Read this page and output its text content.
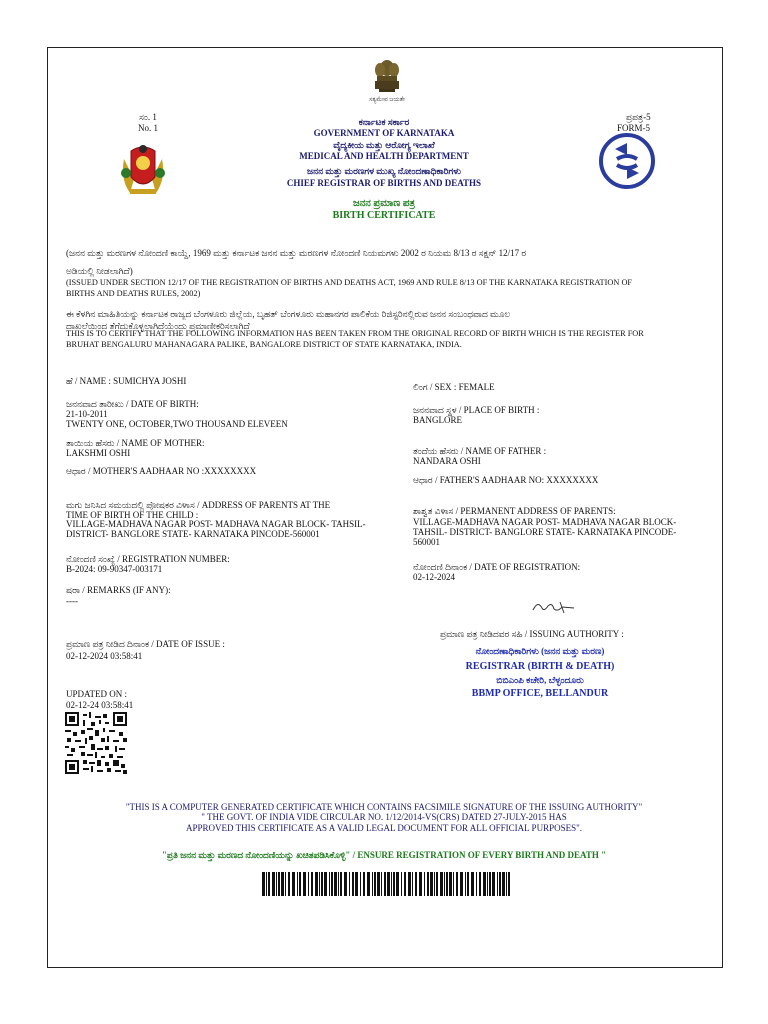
ಸತ್ಯಮೇವ ಜಯತೇ
ಸಂ. 1
No. 1
ಪ್ರಪತ್ರ-5
FORM-5
ಕರ್ನಾಟಕ ಸರ್ಕಾರ
GOVERNMENT OF KARNATAKA
ವೈದ್ಯಕೀಯ ಮತ್ತು ಆರೋಗ್ಯ ಇಲಾಖೆ
MEDICAL AND HEALTH DEPARTMENT
ಜನನ ಮತ್ತು ಮರಣಗಳ ಮುಖ್ಯ ನೋಂದಣಾಧಿಕಾರಿಗಳು
CHIEF REGISTRAR OF BIRTHS AND DEATHS
ಜನನ ಪ್ರಮಾಣ ಪತ್ರ
BIRTH CERTIFICATE
(ಜನನ ಮತ್ತು ಮರಣಗಳ ನೋಂದಣಿ ಕಾಯ್ದೆ, 1969 ಮತ್ತು ಕರ್ನಾಟಕ ಜನನ ಮತ್ತು ಮರಣಗಳ ನೋಂದಣಿ ನಿಯಮಗಳು 2002 ರ ನಿಯಮ 8/13 ರ ಸಕ್ಷನ್ 12/17 ರ
ಅಡಿಯಲ್ಲಿ ನೀಡಲಾಗಿದೆ)
(ISSUED UNDER SECTION 12/17 OF THE REGISTRATION OF BIRTHS AND DEATHS ACT, 1969 AND RULE 8/13 OF THE KARNATAKA REGISTRATION OF
BIRTHS AND DEATHS RULES, 2002)
ಈ ಕೆಳಗಿನ ಮಾಹಿತಿಯನ್ನು ಕರ್ನಾಟಕ ರಾಜ್ಯದ ಬೆಂಗಳೂರು ಜಿಲ್ಲೆಯ, ಬೃಹತ್ ಬೆಂಗಳೂರು ಮಹಾನಗರ ಪಾಲಿಕೆಯ ರಿಜಿಸ್ಟರಿನಲ್ಲಿರುವ ಜನನ ಸಂಬಂಧವಾದ ಮೂಲ
ದಾಖಲೆಯಿಂದ ತೆಗೆದುಕೊಳ್ಳಲಾಗಿದೆಯೆಂದು ಪ್ರಮಾಣೀಕರಿಸಲಾಗಿದೆ
THIS IS TO CERTIFY THAT THE FOLLOWING INFORMATION HAS BEEN TAKEN FROM THE ORIGINAL RECORD OF BIRTH WHICH IS THE REGISTER FOR
BRUHAT BENGALURU MAHANAGARA PALIKE, BANGALORE DISTRICT OF STATE KARNATAKA, INDIA.
ಹೆ / NAME : SUMICHYA JOSHI
ಜನನವಾದ ತಾರೀಖು / DATE OF BIRTH:
21-10-2011
TWENTY ONE, OCTOBER,TWO THOUSAND ELEVEEN
ತಾಯಿಯ ಹೆಸರು / NAME OF MOTHER:
LAKSHMI OSHI
ಆಧಾರ / MOTHER'S AADHAAR NO :XXXXXXXX
ಮಗು ಜನಿಸಿದ ಸಮಯದಲ್ಲಿ ಪೋಷಕರ ವಿಳಾಸ / ADDRESS OF PARENTS AT THE
TIME OF BIRTH OF THE CHILD :
VILLAGE-MADHAVA NAGAR POST- MADHAVA NAGAR BLOCK- TAHSIL-
DISTRICT- BANGLORE STATE- KARNATAKA PINCODE-560001
ನೋಂದಣಿ ಸಂಖ್ಯೆ / REGISTRATION NUMBER:
B-2024: 09-90347-003171
ಷರಾ / REMARKS (IF ANY):
----
ಪ್ರಮಾಣ ಪತ್ರ ನೀಡಿದ ದಿನಾಂಕ / DATE OF ISSUE :
02-12-2024 03:58:41
UPDATED ON :
02-12-24 03:58:41
ಲಿಂಗ / SEX : FEMALE
ಜನನವಾದ ಸ್ಥಳ / PLACE OF BIRTH :
BANGLORE
ತಂದೆಯ ಹೆಸರು / NAME OF FATHER :
NANDARA OSHI
ಆಧಾರ / FATHER'S AADHAAR NO: XXXXXXXX
ಶಾಶ್ವತ ವಿಳಾಸ / PERMANENT ADDRESS OF PARENTS:
VILLAGE-MADHAVA NAGAR POST- MADHAVA NAGAR BLOCK-
TAHSIL- DISTRICT- BANGLORE STATE- KARNATAKA PINCODE-
560001
ನೋಂದಣಿ ದಿನಾಂಕ / DATE OF REGISTRATION:
02-12-2024
ಪ್ರಮಾಣ ಪತ್ರ ನೀಡಿದವರ ಸಹಿ / ISSUING AUTHORITY :
ನೋಂದಣಾಧಿಕಾರಿಗಳು (ಜನನ ಮತ್ತು ಮರಣ)
REGISTRAR (BIRTH & DEATH)
ಬಿಬಿಎಂಪಿ ಕಚೇರಿ, ಬೆಳ್ಳಂದೂರು
BBMP OFFICE, BELLANDUR
"THIS IS A COMPUTER GENERATED CERTIFICATE WHICH CONTAINS FACSIMILE SIGNATURE OF THE ISSUING AUTHORITY"
" THE GOVT. OF INDIA VIDE CIRCULAR NO. 1/12/2014-VS(CRS) DATED 27-JULY-2015 HAS
APPROVED THIS CERTIFICATE AS A VALID LEGAL DOCUMENT FOR ALL OFFICIAL PURPOSES".
"ಪ್ರತಿ ಜನನ ಮತ್ತು ಮರಣದ ನೋಂದಣಿಯನ್ನು ಖಚಿತಪಡಿಸಿಕೊಳ್ಳಿ" / ENSURE REGISTRATION OF EVERY BIRTH AND DEATH "
